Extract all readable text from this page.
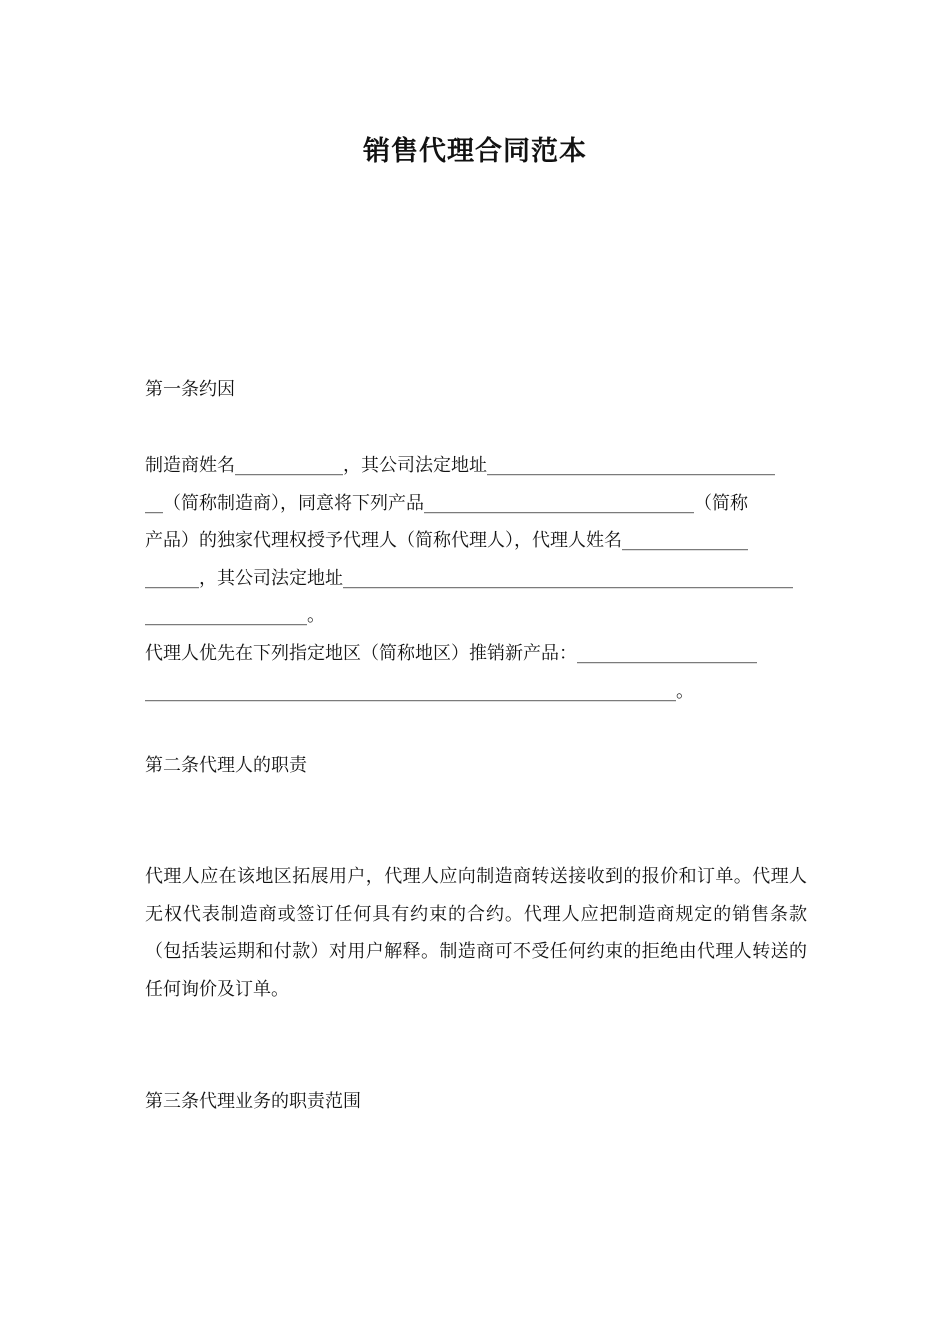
销售代理合同范本
第一条约因
制造商姓名____________，其公司法定地址________________________________
__（简称制造商），同意将下列产品______________________________（简称
产品）的独家代理权授予代理人（简称代理人），代理人姓名______________
______，其公司法定地址__________________________________________________
__________________。
代理人优先在下列指定地区（简称地区）推销新产品：____________________
___________________________________________________________。
第二条代理人的职责
代理人应在该地区拓展用户，代理人应向制造商转送接收到的报价和订单。代理人无权代表制造商或签订任何具有约束的合约。代理人应把制造商规定的销售条款（包括装运期和付款）对用户解释。制造商可不受任何约束的拒绝由代理人转送的任何询价及订单。
第三条代理业务的职责范围
